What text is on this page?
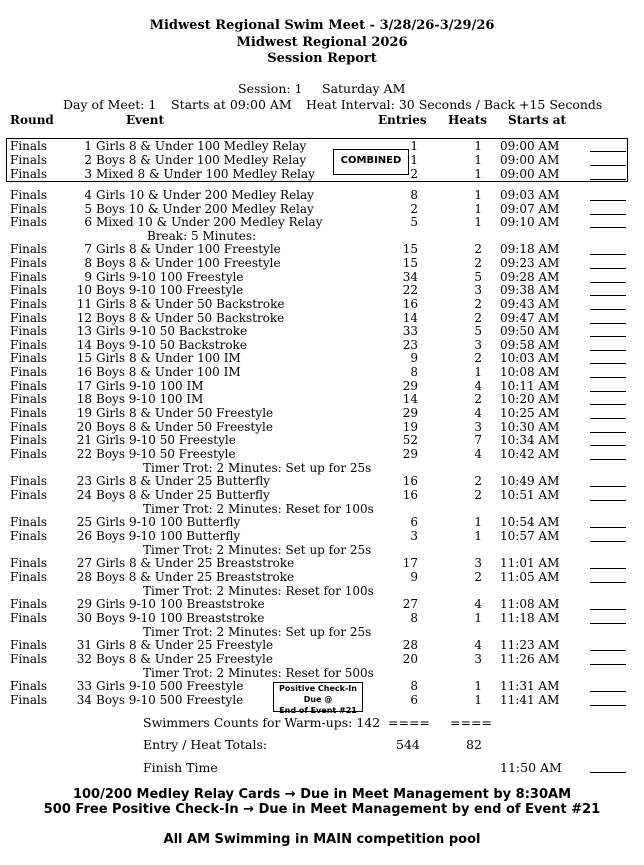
Midwest Regional Swim Meet - 3/28/26-3/29/26
Midwest Regional 2026
Session Report
Session: 1 Saturday AM
Day of Meet: 1 Starts at 09:00 AM Heat Interval: 30 Seconds / Back +15 Seconds
Round	Event	Entries Heats Starts at
Finals	1 Girls 8 & Under 100 Medley Relay	1	1 09:00 AM
Finals	2 Boys 8 & Under 100 Medley Relay	1	1 09:00 AM
Finals	3 Mixed 8 & Under 100 Medley Relay	2	1 09:00 AM
Finals	4 Girls 10 & Under 200 Medley Relay	8	1 09:03 AM
Finals	5 Boys 10 & Under 200 Medley Relay	2	1 09:07 AM
Finals	6 Mixed 10 & Under 200 Medley Relay	5	1 09:10 AM
Finals	7 Girls 8 & Under 100 Freestyle	15	2 09:18 AM
Finals	8 Boys 8 & Under 100 Freestyle	15	2 09:23 AM
Finals	9 Girls 9-10 100 Freestyle	34	5 09:28 AM
Finals	10 Boys 9-10 100 Freestyle	22	3 09:38 AM
Finals	11 Girls 8 & Under 50 Backstroke	16	2 09:43 AM
Finals	12 Boys 8 & Under 50 Backstroke	14	2 09:47 AM
Finals	13 Girls 9-10 50 Backstroke	33	5 09:50 AM
Finals	14 Boys 9-10 50 Backstroke	23	3 09:58 AM
Finals	15 Girls 8 & Under 100 IM	9	2 10:03 AM
Finals	16 Boys 8 & Under 100 IM	8	1 10:08 AM
Finals	17 Girls 9-10 100 IM	29	4 10:11 AM
Finals	18 Boys 9-10 100 IM	14	2 10:20 AM
Finals	19 Girls 8 & Under 50 Freestyle	29	4 10:25 AM
Finals	20 Boys 8 & Under 50 Freestyle	19	3 10:30 AM
Finals	21 Girls 9-10 50 Freestyle	52	7 10:34 AM
Finals	22 Boys 9-10 50 Freestyle	29	4 10:42 AM
Finals	23 Girls 8 & Under 25 Butterfly	16	2 10:49 AM
Finals	24 Boys 8 & Under 25 Butterfly	16	2 10:51 AM
Finals	25 Girls 9-10 100 Butterfly	6	1 10:54 AM
Finals	26 Boys 9-10 100 Butterfly	3	1 10:57 AM
Finals	27 Girls 8 & Under 25 Breaststroke	17	3 11:01 AM
Finals	28 Boys 8 & Under 25 Breaststroke	9	2 11:05 AM
Finals	29 Girls 9-10 100 Breaststroke	27	4 11:08 AM
Finals	30 Boys 9-10 100 Breaststroke	8	1 11:18 AM
Finals	31 Girls 8 & Under 25 Freestyle	28	4 11:23 AM
Finals	32 Boys 8 & Under 25 Freestyle	20	3 11:26 AM
Finals	33 Girls 9-10 500 Freestyle	8	1 11:31 AM
Finals	34 Boys 9-10 500 Freestyle	6	1 11:41 AM
Break: 5 Minutes:
Timer Trot: 2 Minutes: Set up for 25s
Timer Trot: 2 Minutes: Reset for 100s
Timer Trot: 2 Minutes: Set up for 25s
Timer Trot: 2 Minutes: Reset for 100s
Timer Trot: 2 Minutes: Set up for 25s
Timer Trot: 2 Minutes: Reset for 500s
COMBINED
Positive Check-In Due @
End of Event #21
Swimmers Counts for Warm-ups: 142 ==== ====
Entry / Heat Totals:	544	82
Finish Time	11:50 AM
100/200 Medley Relay Cards → Due in Meet Management by 8:30AM
500 Free Positive Check-In → Due in Meet Management by end of Event #21
All AM Swimming in MAIN competition pool
